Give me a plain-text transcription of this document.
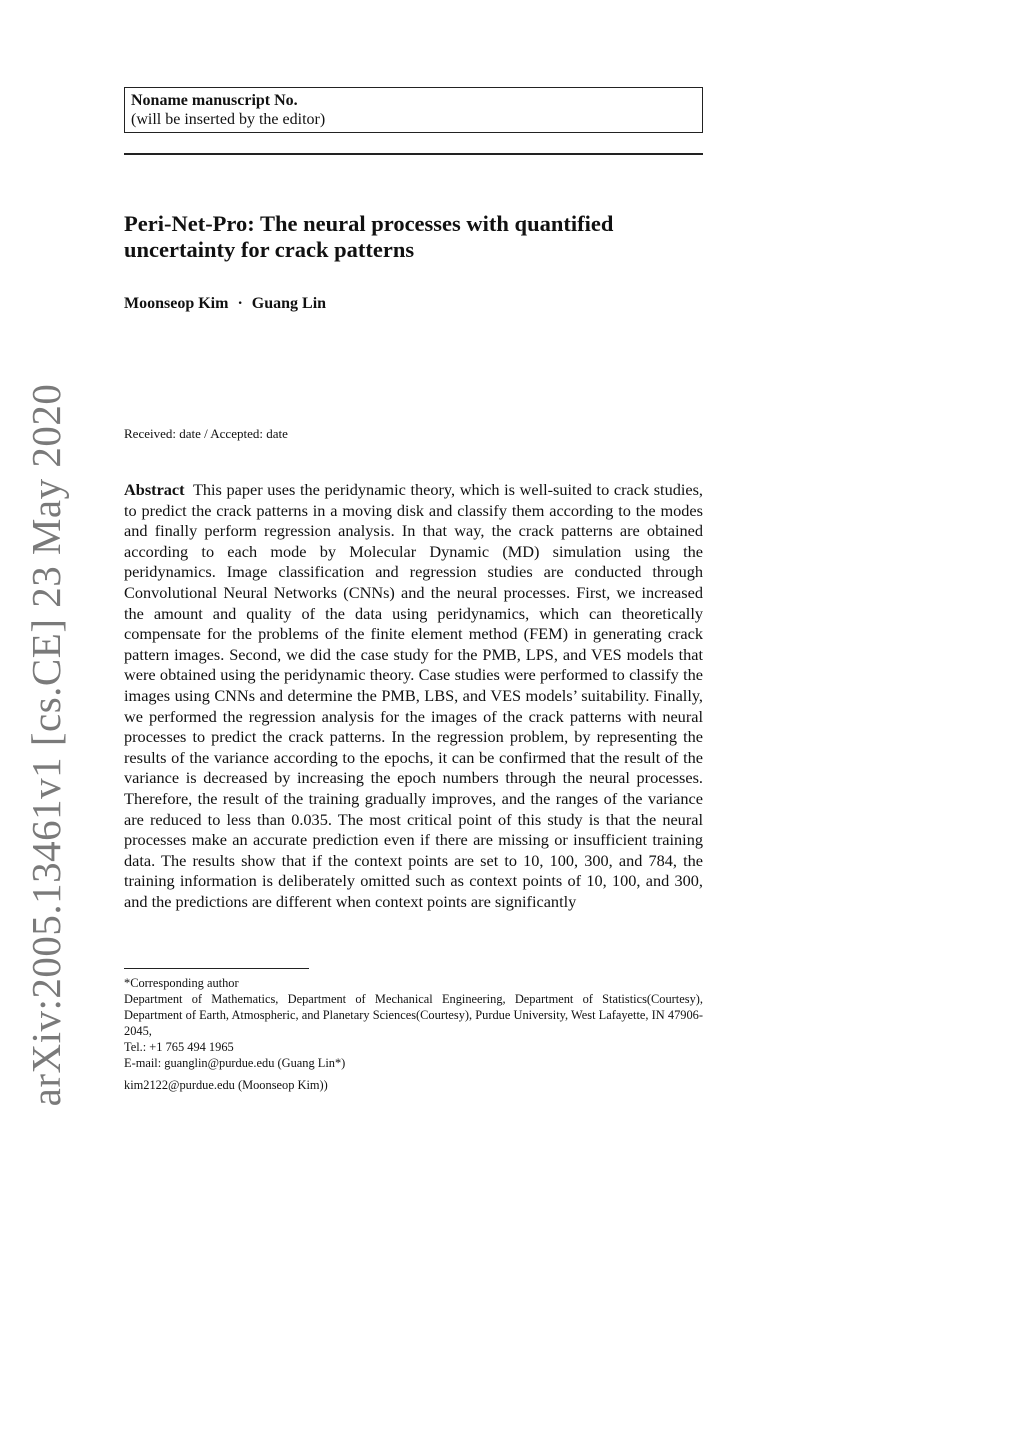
arXiv:2005.13461v1 [cs.CE] 23 May 2020
Noname manuscript No.
(will be inserted by the editor)
Peri-Net-Pro: The neural processes with quantified uncertainty for crack patterns
Moonseop Kim · Guang Lin
Received: date / Accepted: date

Abstract This paper uses the peridynamic theory, which is well-suited to crack studies, to predict the crack patterns in a moving disk and classify them according to the modes and finally perform regression analysis. In that way, the crack patterns are obtained according to each mode by Molecular Dynamic (MD) simulation using the peridynamics. Image classification and regression studies are conducted through Convolutional Neural Networks (CNNs) and the neural processes. First, we increased the amount and quality of the data using peridynamics, which can theoretically compensate for the problems of the finite element method (FEM) in generating crack pattern images. Second, we did the case study for the PMB, LPS, and VES models that were obtained using the peridynamic theory. Case studies were performed to classify the images using CNNs and determine the PMB, LBS, and VES models’ suitability. Finally, we performed the regression analysis for the images of the crack patterns with neural processes to predict the crack patterns. In the regression problem, by representing the results of the variance according to the epochs, it can be confirmed that the result of the variance is decreased by increasing the epoch numbers through the neural processes. Therefore, the result of the training gradually improves, and the ranges of the variance are reduced to less than 0.035. The most critical point of this study is that the neural processes make an accurate prediction even if there are missing or insufficient training data. The results show that if the context points are set to 10, 100, 300, and 784, the training information is deliberately omitted such as context points of 10, 100, and 300, and the predictions are different when context points are significantly

*Corresponding author
Department of Mathematics, Department of Mechanical Engineering, Department of Statistics(Courtesy), Department of Earth, Atmospheric, and Planetary Sciences(Courtesy), Purdue University, West Lafayette, IN 47906-2045,
Tel.: +1 765 494 1965
E-mail: guanglin@purdue.edu (Guang Lin*)
kim2122@purdue.edu (Moonseop Kim))
